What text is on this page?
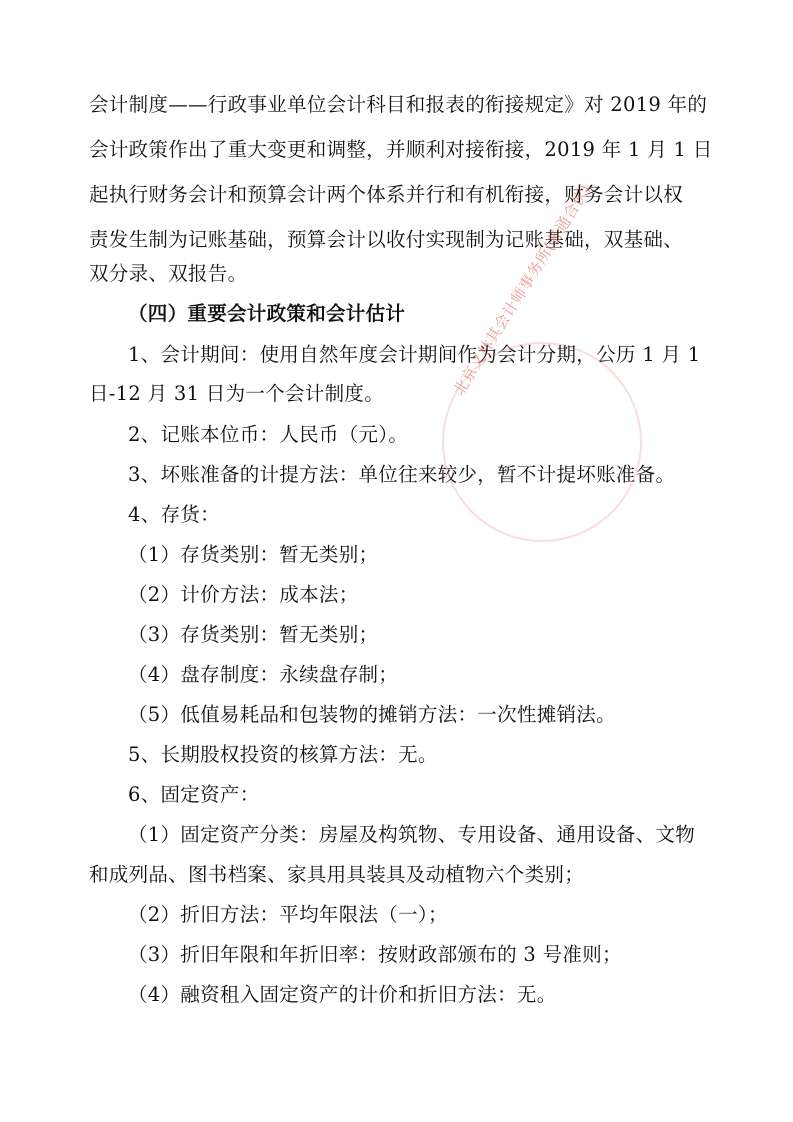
会计制度——行政事业单位会计科目和报表的衔接规定》对 2019 年的
会计政策作出了重大变更和调整，并顺利对接衔接，2019 年 1 月 1 日
起执行财务会计和预算会计两个体系并行和有机衔接，财务会计以权
责发生制为记账基础，预算会计以收付实现制为记账基础，双基础、
双分录、双报告。
（四）重要会计政策和会计估计
1、会计期间：使用自然年度会计期间作为会计分期，公历 1 月 1
日-12 月 31 日为一个会计制度。
2、记账本位币：人民币（元）。
3、坏账准备的计提方法：单位往来较少，暂不计提坏账准备。
4、存货：
（1）存货类别：暂无类别；
（2）计价方法：成本法；
（3）存货类别：暂无类别；
（4）盘存制度：永续盘存制；
（5）低值易耗品和包装物的摊销方法：一次性摊销法。
5、长期股权投资的核算方法：无。
6、固定资产：
（1）固定资产分类：房屋及构筑物、专用设备、通用设备、文物
和成列品、图书档案、家具用具装具及动植物六个类别；
（2）折旧方法：平均年限法（一）；
（3）折旧年限和年折旧率：按财政部颁布的 3 号准则；
（4）融资租入固定资产的计价和折旧方法：无。
北京义林其会计师事务所(普通合伙)
